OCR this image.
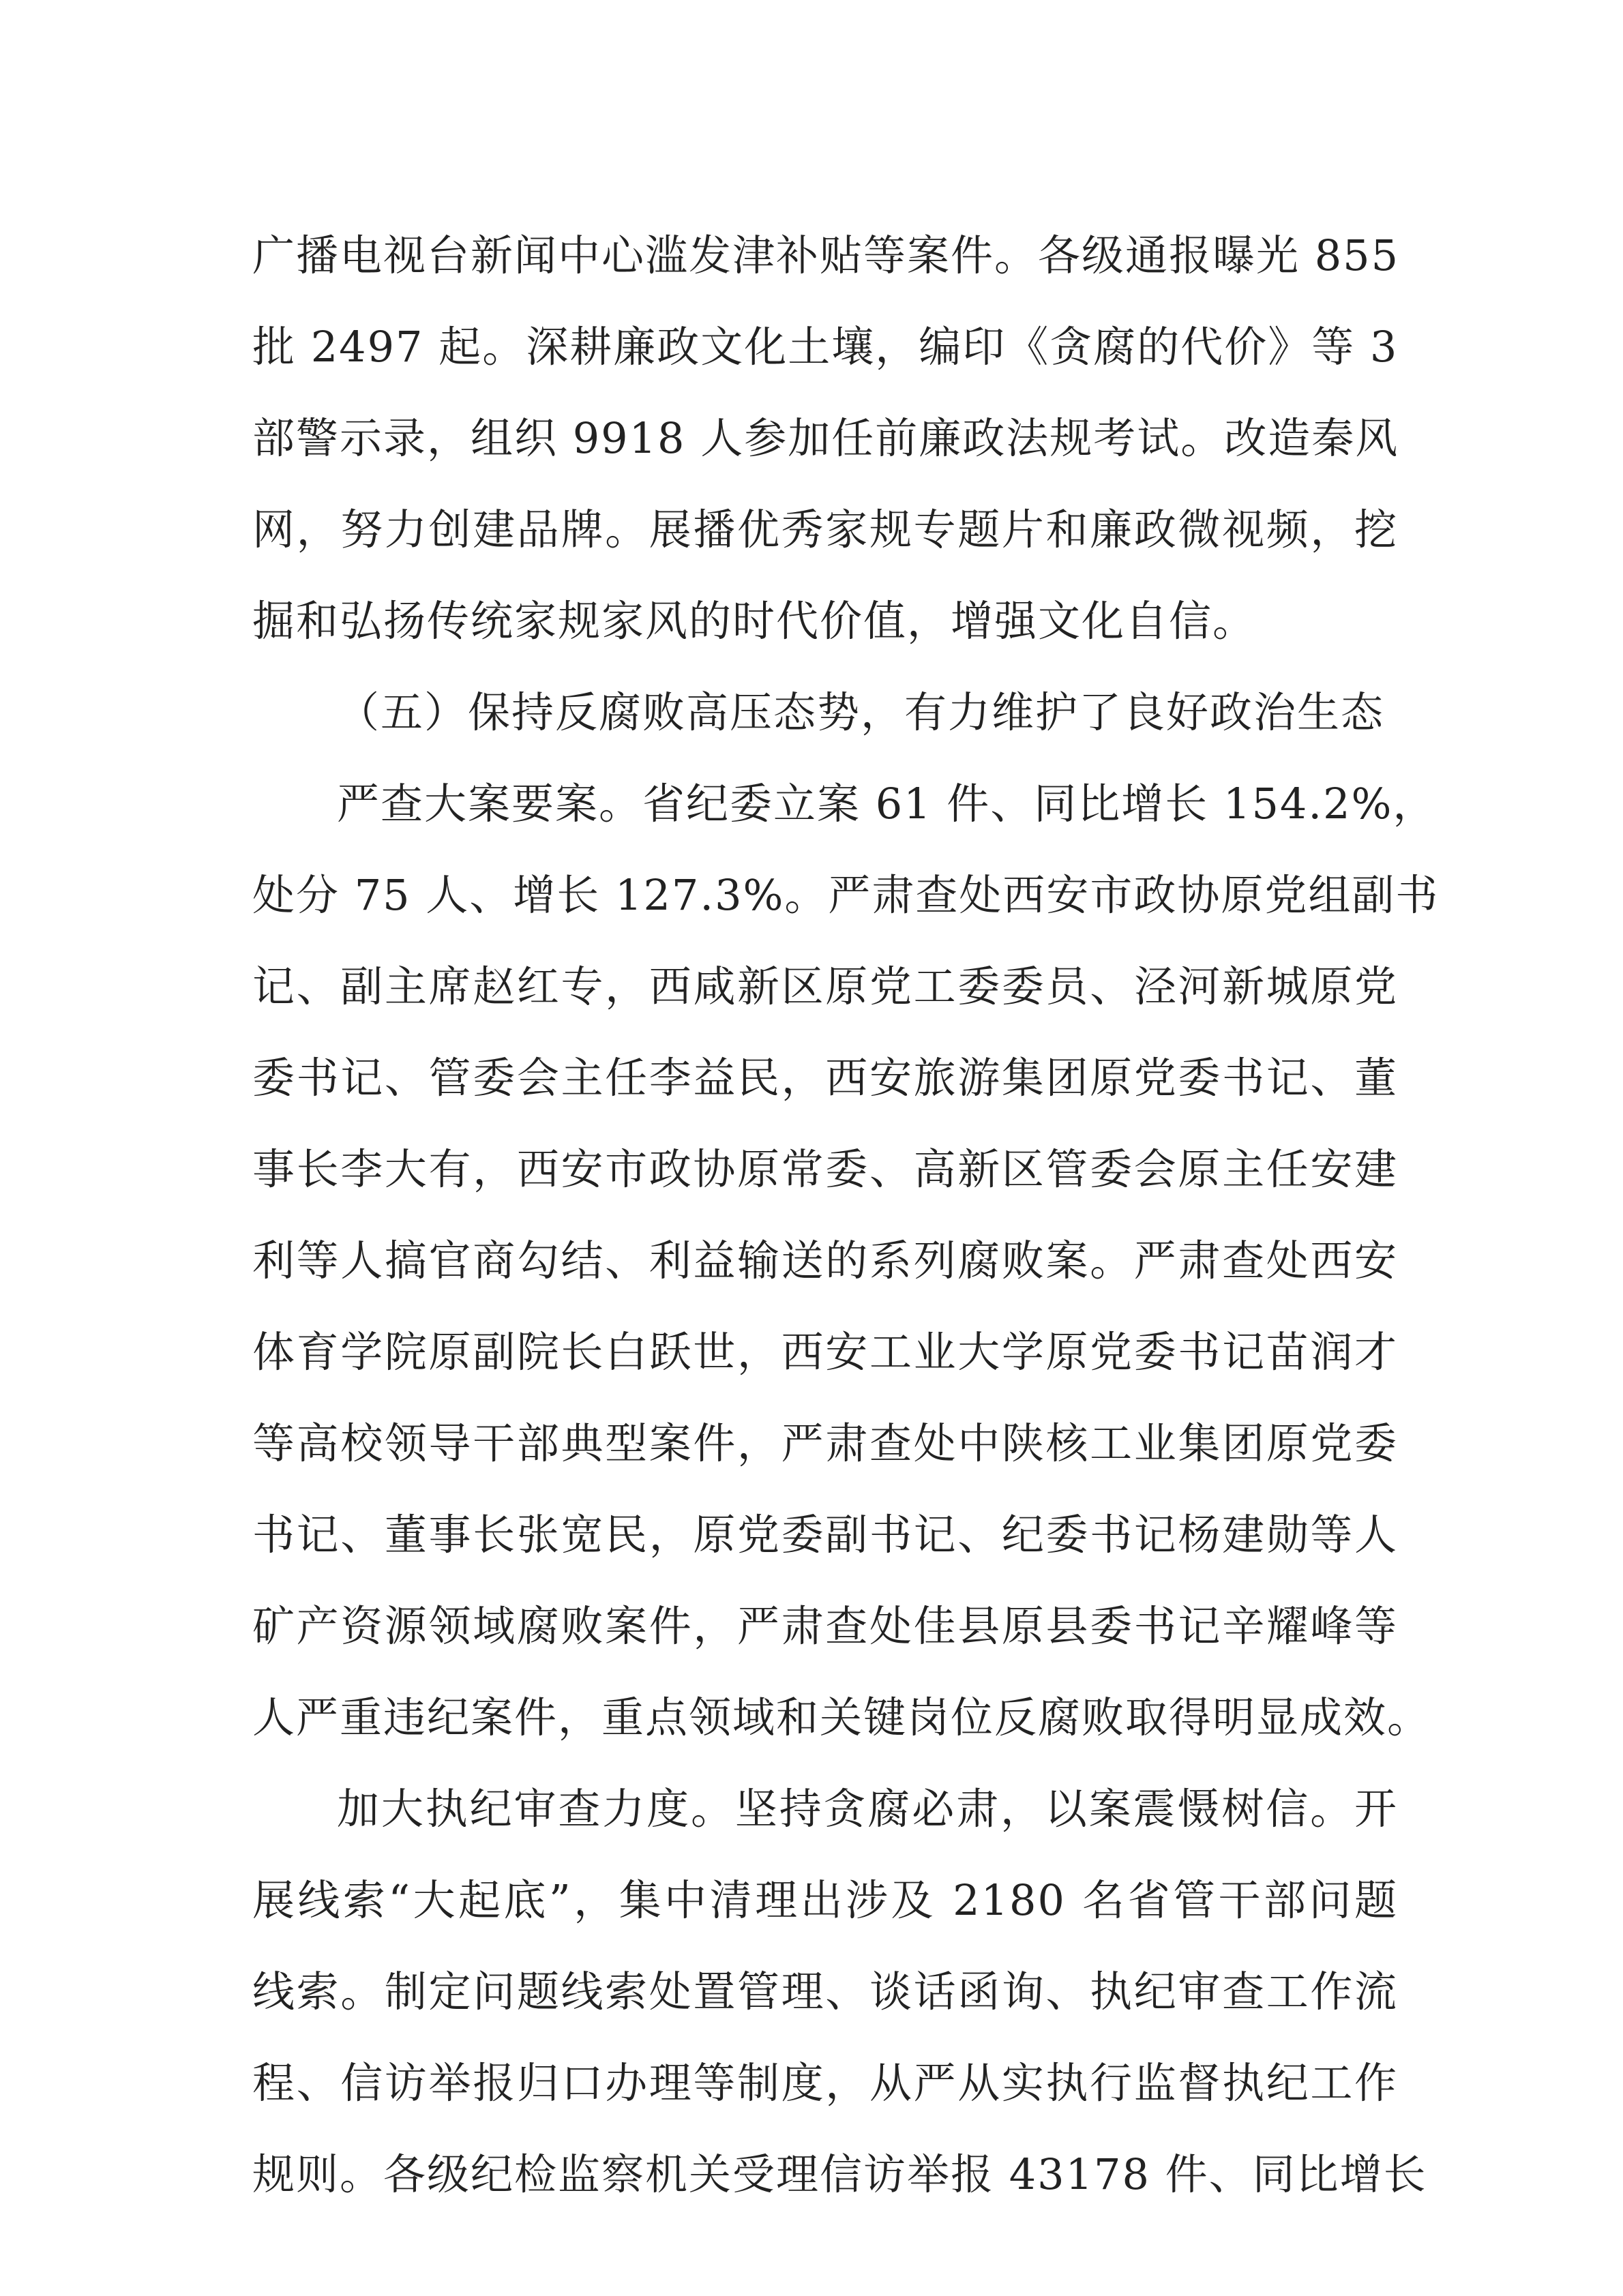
广播电视台新闻中心滥发津补贴等案件。各级通报曝光 855
批 2497 起。深耕廉政文化土壤，编印《贪腐的代价》等 3
部警示录，组织 9918 人参加任前廉政法规考试。改造秦风
网，努力创建品牌。展播优秀家规专题片和廉政微视频，挖
掘和弘扬传统家规家风的时代价值，增强文化自信。
（五）保持反腐败高压态势，有力维护了良好政治生态
严查大案要案。省纪委立案 61 件、同比增长 154.2%，
处分 75 人、增长 127.3%。严肃查处西安市政协原党组副书
记、副主席赵红专，西咸新区原党工委委员、泾河新城原党
委书记、管委会主任李益民，西安旅游集团原党委书记、董
事长李大有，西安市政协原常委、高新区管委会原主任安建
利等人搞官商勾结、利益输送的系列腐败案。严肃查处西安
体育学院原副院长白跃世，西安工业大学原党委书记苗润才
等高校领导干部典型案件，严肃查处中陕核工业集团原党委
书记、董事长张宽民，原党委副书记、纪委书记杨建勋等人
矿产资源领域腐败案件，严肃查处佳县原县委书记辛耀峰等
人严重违纪案件，重点领域和关键岗位反腐败取得明显成效。
加大执纪审查力度。坚持贪腐必肃，以案震慑树信。开
展线索“大起底”，集中清理出涉及 2180 名省管干部问题
线索。制定问题线索处置管理、谈话函询、执纪审查工作流
程、信访举报归口办理等制度，从严从实执行监督执纪工作
规则。各级纪检监察机关受理信访举报 43178 件、同比增长
